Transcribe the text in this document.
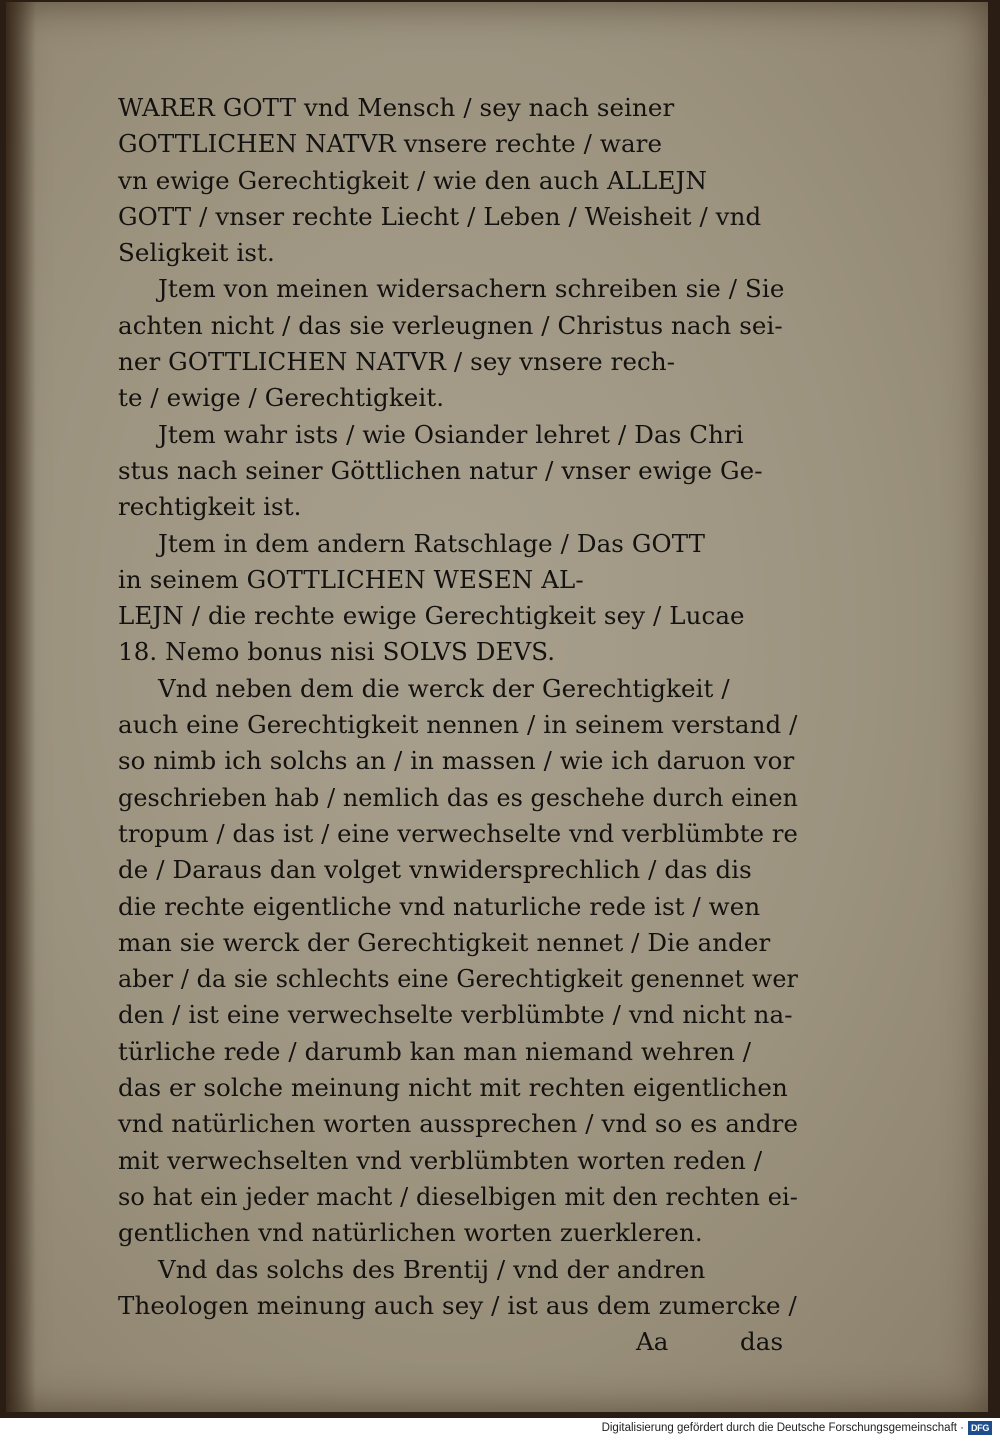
WARER GOTT vnd Mensch / sey nach seiner
GOTTLICHEN NATVR vnsere rechte / ware
vn ewige Gerechtigkeit / wie den auch ALLEJN
GOTT / vnser rechte Liecht / Leben / Weisheit / vnd
Seligkeit ist.
Jtem von meinen widersachern schreiben sie / Sie
achten nicht / das sie verleugnen / Christus nach sei-
ner GOTTLICHEN NATVR / sey vnsere rech-
te / ewige / Gerechtigkeit.
Jtem wahr ists / wie Osiander lehret / Das Chri
stus nach seiner Göttlichen natur / vnser ewige Ge-
rechtigkeit ist.
Jtem in dem andern Ratschlage / Das GOTT
in seinem GOTTLICHEN WESEN AL-
LEJN / die rechte ewige Gerechtigkeit sey / Lucae
18. Nemo bonus nisi SOLVS DEVS.
Vnd neben dem die werck der Gerechtigkeit /
auch eine Gerechtigkeit nennen / in seinem verstand /
so nimb ich solchs an / in massen / wie ich daruon vor
geschrieben hab / nemlich das es geschehe durch einen
tropum / das ist / eine verwechselte vnd verblümbte re
de / Daraus dan volget vnwidersprechlich / das dis
die rechte eigentliche vnd naturliche rede ist / wen
man sie werck der Gerechtigkeit nennet / Die ander
aber / da sie schlechts eine Gerechtigkeit genennet wer
den / ist eine verwechselte verblümbte / vnd nicht na-
türliche rede / darumb kan man niemand wehren /
das er solche meinung nicht mit rechten eigentlichen
vnd natürlichen worten aussprechen / vnd so es andre
mit verwechselten vnd verblümbten worten reden /
so hat ein jeder macht / dieselbigen mit den rechten ei-
gentlichen vnd natürlichen worten zuerkleren.
Vnd das solchs des Brentij / vnd der andren
Theologen meinung auch sey / ist aus dem zumercke /
Aa	das
Digitalisierung gefördert durch die Deutsche Forschungsgemeinschaft · DFG
